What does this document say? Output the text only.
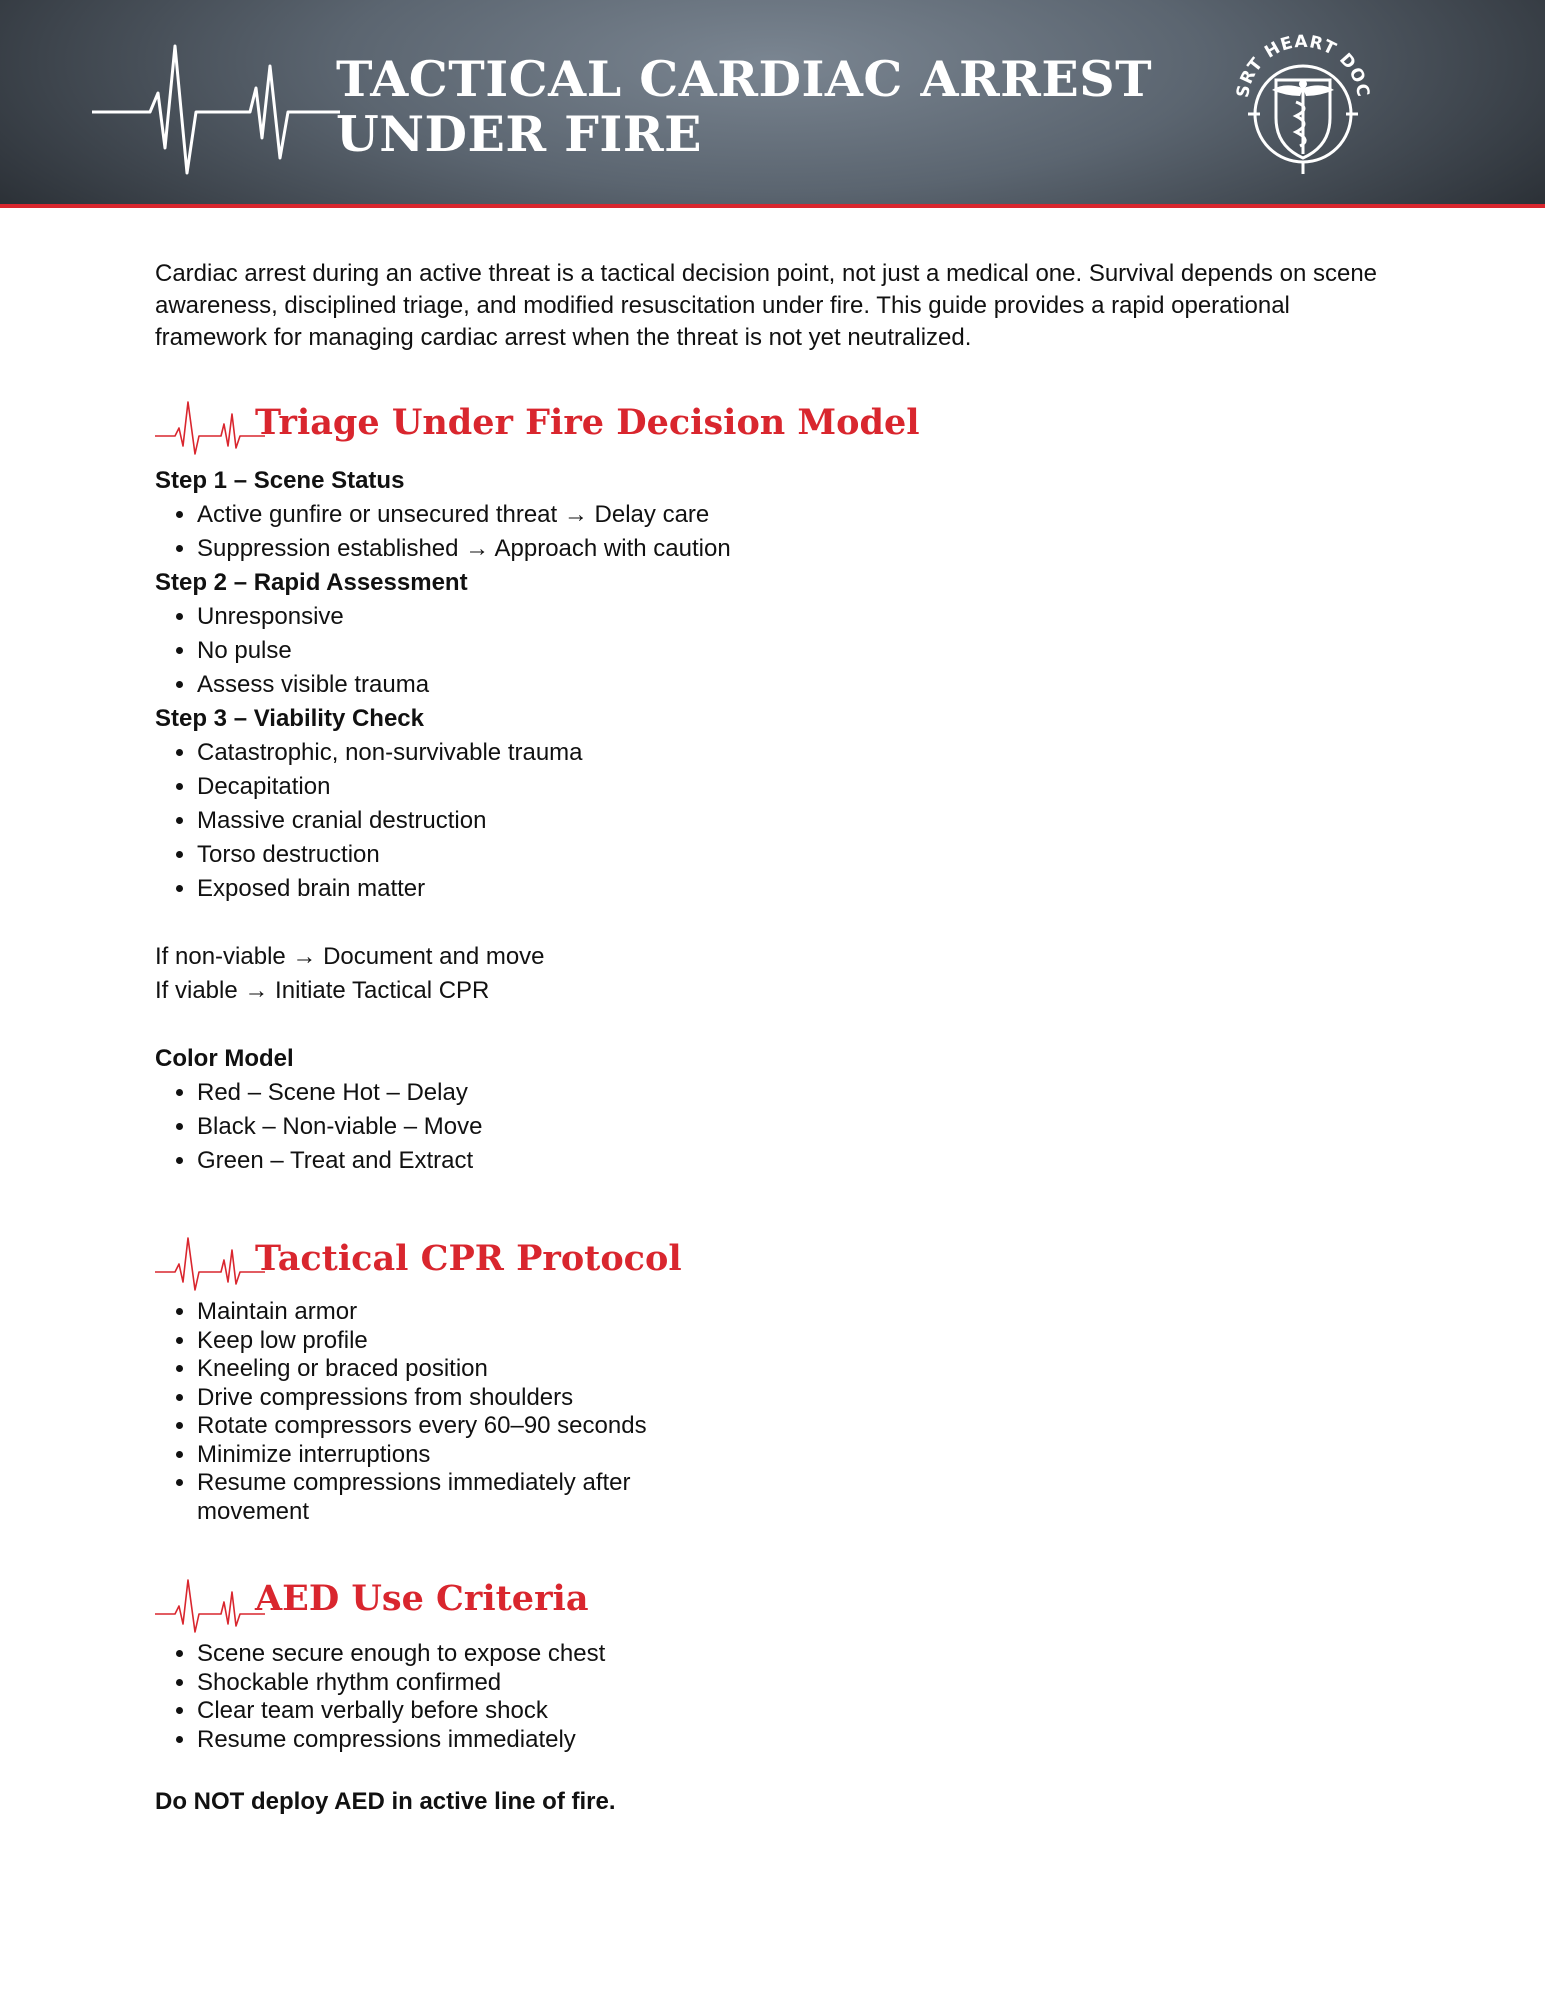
TACTICAL CARDIAC ARREST
UNDER FIRE
SRT HEART DOC

Cardiac arrest during an active threat is a tactical decision point, not just a medical one. Survival depends on scene awareness, disciplined triage, and modified resuscitation under fire. This guide provides a rapid operational framework for managing cardiac arrest when the threat is not yet neutralized.

Triage Under Fire Decision Model

Step 1 – Scene Status

• Active gunfire or unsecured threat → Delay care
• Suppression established → Approach with caution

Step 2 – Rapid Assessment

• Unresponsive
• No pulse
• Assess visible trauma

Step 3 – Viability Check

• Catastrophic, non-survivable trauma
• Decapitation
• Massive cranial destruction
• Torso destruction
• Exposed brain matter

If non-viable → Document and move

If viable → Initiate Tactical CPR

Color Model

• Red – Scene Hot – Delay
• Black – Non-viable – Move
• Green – Treat and Extract
Tactical CPR Protocol
• Maintain armor
• Keep low profile
• Kneeling or braced position
• Drive compressions from shoulders
• Rotate compressors every 60–90 seconds
• Minimize interruptions
• Resume compressions immediately after movement
AED Use Criteria
• Scene secure enough to expose chest
• Shockable rhythm confirmed
• Clear team verbally before shock
• Resume compressions immediately

Do NOT deploy AED in active line of fire.
